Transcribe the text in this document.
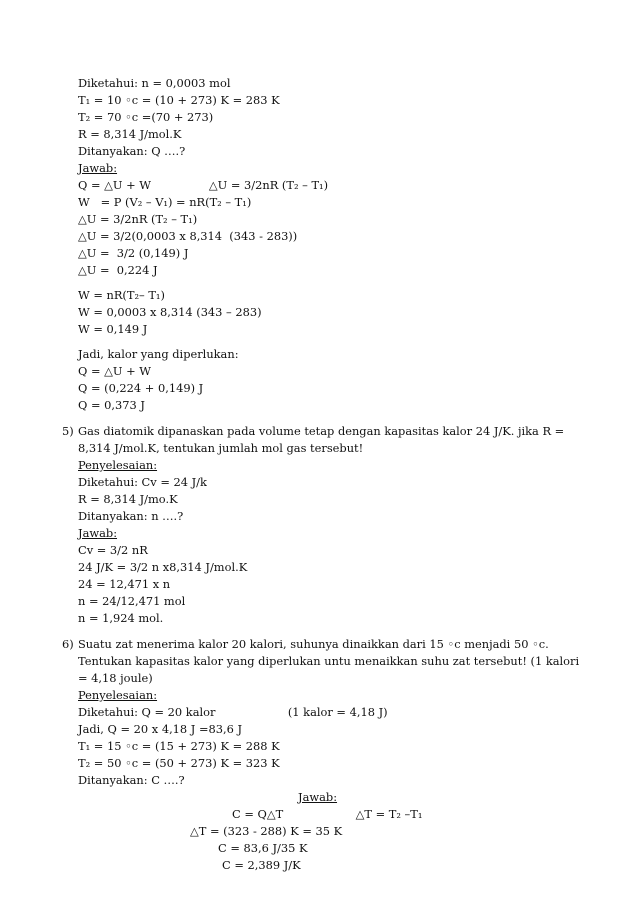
Diketahui: n = 0,0003 mol

T₁ = 10 ◦c = (10 + 273) K = 283 K

T₂ = 70 ◦c =(70 + 273)

R = 8,314 J/mol.K

Ditanyakan: Q ….?

Jawab:

Q = △U + W                △U = 3/2nR (T₂ – T₁)

W   = P (V₂ – V₁) = nR(T₂ – T₁)

△U = 3/2nR (T₂ – T₁)

△U = 3/2(0,0003 x 8,314  (343 - 283))

△U =  3/2 (0,149) J

△U =  0,224 J

W = nR(T₂– T₁)

W = 0,0003 x 8,314 (343 – 283)

W = 0,149 J

Jadi, kalor yang diperlukan:

Q = △U + W

Q = (0,224 + 0,149) J

Q = 0,373 J

5) Gas diatomik dipanaskan pada volume tetap dengan kapasitas kalor 24 J/K. jika R =

8,314 J/mol.K, tentukan jumlah mol gas tersebut!

Penyelesaian:

Diketahui: Cv = 24 J/k

R = 8,314 J/mo.K

Ditanyakan: n ….?

Jawab:

Cv = 3/2 nR

24 J/K = 3/2 n x8,314 J/mol.K

24 = 12,471 x n

n = 24/12,471 mol

n = 1,924 mol.

6) Suatu zat menerima kalor 20 kalori, suhunya dinaikkan dari 15 ◦c menjadi 50 ◦c.

Tentukan kapasitas kalor yang diperlukan untu menaikkan suhu zat tersebut! (1 kalori

= 4,18 joule)

Penyelesaian:

Diketahui: Q = 20 kalor                    (1 kalor = 4,18 J)

Jadi, Q = 20 x 4,18 J =83,6 J

T₁ = 15 ◦c = (15 + 273) K = 288 K

T₂ = 50 ◦c = (50 + 273) K = 323 K

Ditanyakan: C ….?

Jawab:

C = Q△T                    △T = T₂ –T₁

△T = (323 - 288) K = 35 K

C = 83,6 J/35 K

C = 2,389 J/K
